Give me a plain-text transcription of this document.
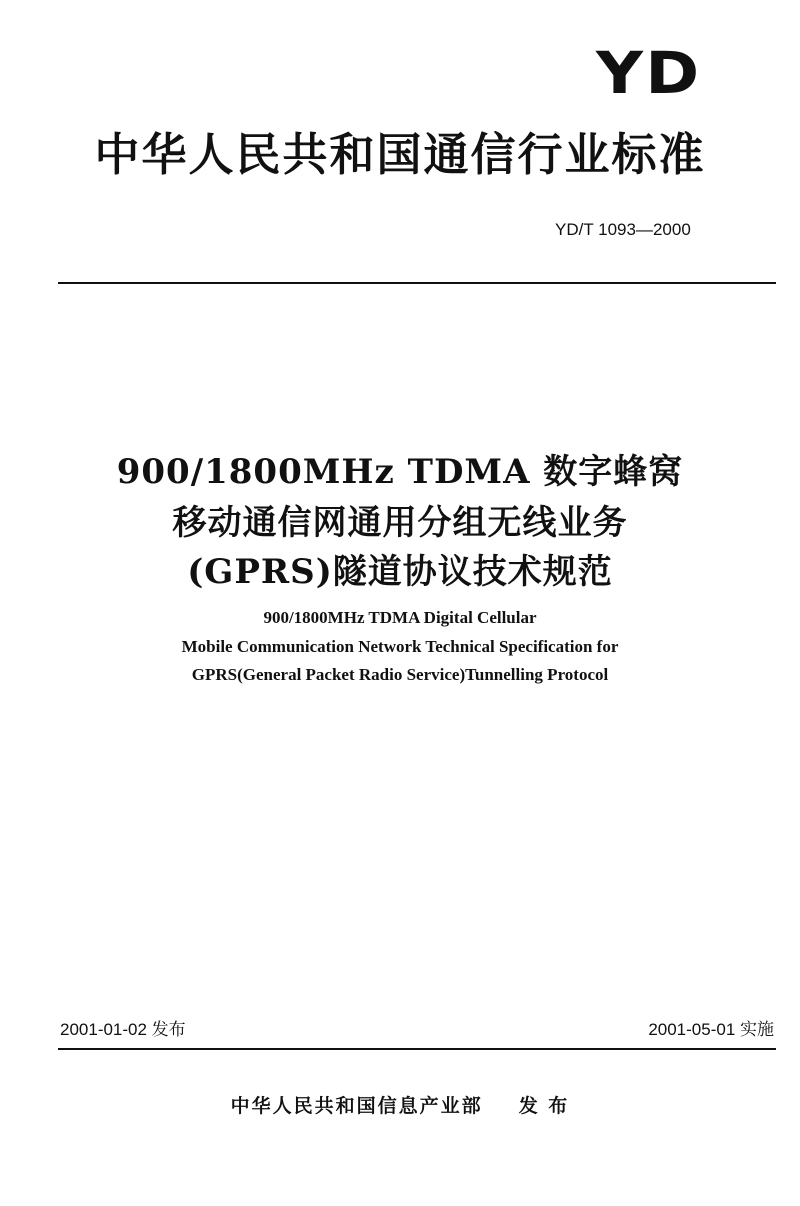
YD
中华人民共和国通信行业标准
YD/T 1093—2000
900/1800MHz TDMA 数字蜂窝
移动通信网通用分组无线业务
(GPRS)隧道协议技术规范
900/1800MHz TDMA Digital Cellular
Mobile Communication Network Technical Specification for
GPRS(General Packet Radio Service)Tunnelling Protocol
2001-01-02 发布	2001-05-01 实施
中华人民共和国信息产业部 发 布
